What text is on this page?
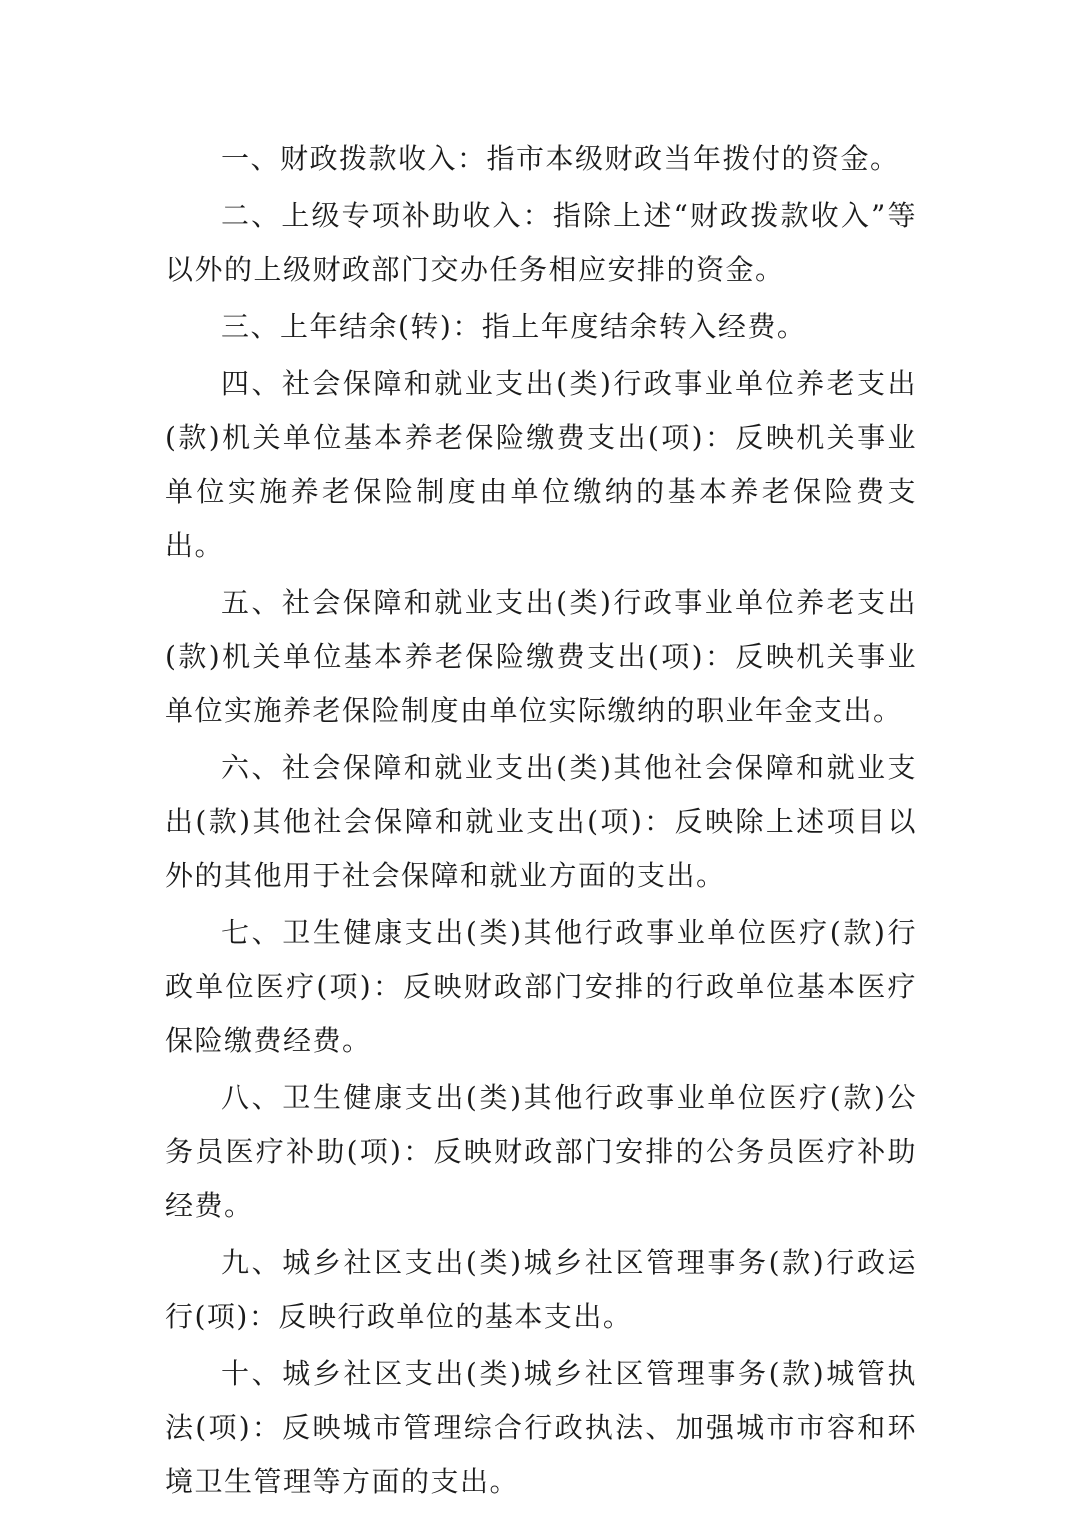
一、财政拨款收入：指市本级财政当年拨付的资金。

二、上级专项补助收入：指除上述“财政拨款收入”等以外的上级财政部门交办任务相应安排的资金。

三、上年结余(转)：指上年度结余转入经费。

四、社会保障和就业支出(类)行政事业单位养老支出(款)机关单位基本养老保险缴费支出(项)：反映机关事业单位实施养老保险制度由单位缴纳的基本养老保险费支出。

五、社会保障和就业支出(类)行政事业单位养老支出(款)机关单位基本养老保险缴费支出(项)：反映机关事业单位实施养老保险制度由单位实际缴纳的职业年金支出。

六、社会保障和就业支出(类)其他社会保障和就业支出(款)其他社会保障和就业支出(项)：反映除上述项目以外的其他用于社会保障和就业方面的支出。

七、卫生健康支出(类)其他行政事业单位医疗(款)行政单位医疗(项)：反映财政部门安排的行政单位基本医疗保险缴费经费。

八、卫生健康支出(类)其他行政事业单位医疗(款)公务员医疗补助(项)：反映财政部门安排的公务员医疗补助经费。

九、城乡社区支出(类)城乡社区管理事务(款)行政运行(项)：反映行政单位的基本支出。

十、城乡社区支出(类)城乡社区管理事务(款)城管执法(项)：反映城市管理综合行政执法、加强城市市容和环境卫生管理等方面的支出。
